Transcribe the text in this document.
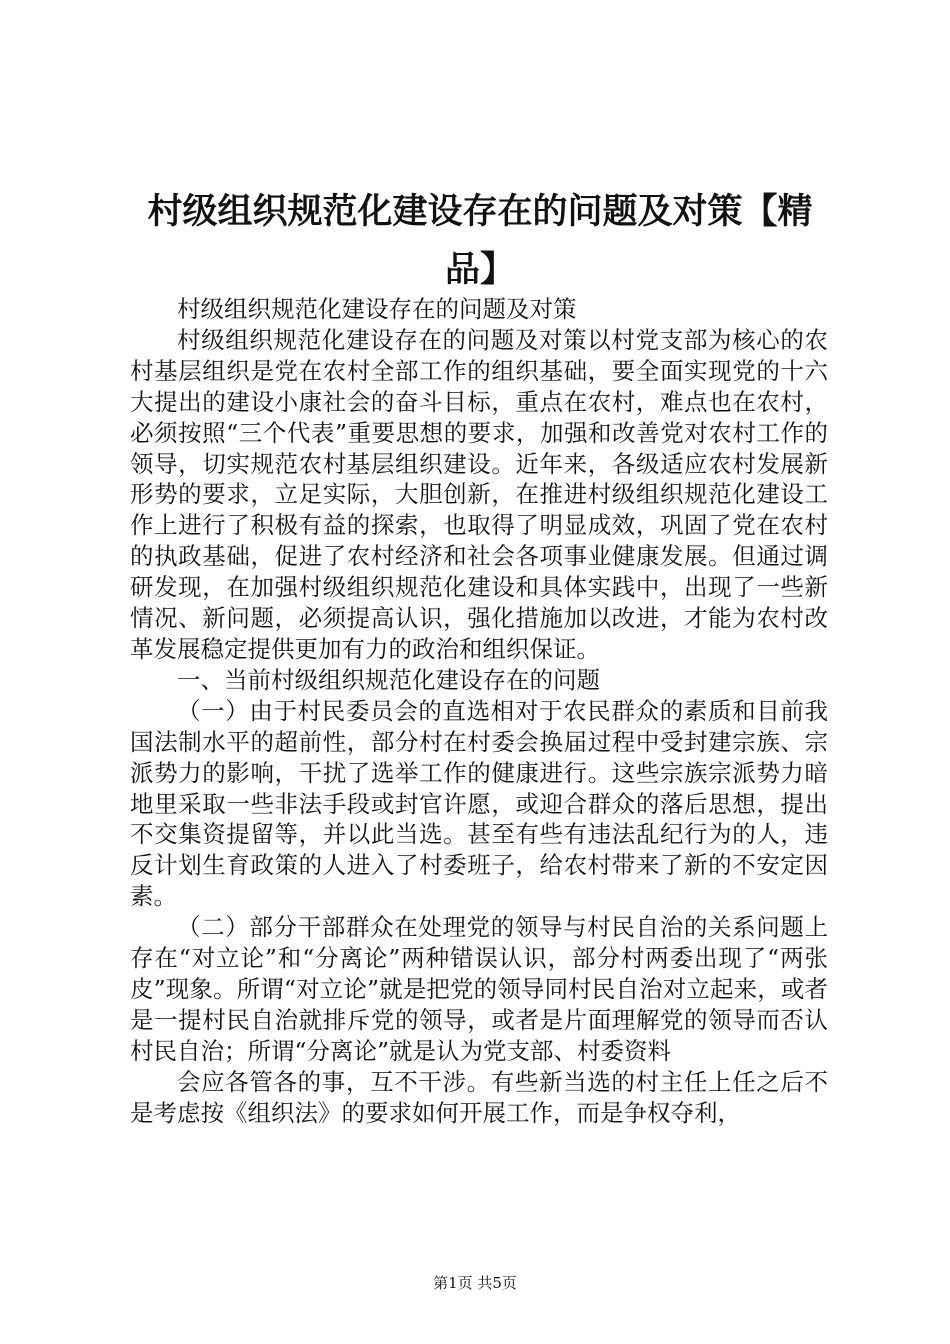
村级组织规范化建设存在的问题及对策【精品】

村级组织规范化建设存在的问题及对策

村级组织规范化建设存在的问题及对策以村党支部为核心的农村基层组织是党在农村全部工作的组织基础，要全面实现党的十六大提出的建设小康社会的奋斗目标，重点在农村，难点也在农村，必须按照“三个代表”重要思想的要求，加强和改善党对农村工作的领导，切实规范农村基层组织建设。近年来，各级适应农村发展新形势的要求，立足实际，大胆创新，在推进村级组织规范化建设工作上进行了积极有益的探索，也取得了明显成效，巩固了党在农村的执政基础，促进了农村经济和社会各项事业健康发展。但通过调研发现，在加强村级组织规范化建设和具体实践中，出现了一些新情况、新问题，必须提高认识，强化措施加以改进，才能为农村改革发展稳定提供更加有力的政治和组织保证。

一、当前村级组织规范化建设存在的问题

（一）由于村民委员会的直选相对于农民群众的素质和目前我国法制水平的超前性，部分村在村委会换届过程中受封建宗族、宗派势力的影响，干扰了选举工作的健康进行。这些宗族宗派势力暗地里采取一些非法手段或封官许愿，或迎合群众的落后思想，提出不交集资提留等，并以此当选。甚至有些有违法乱纪行为的人，违反计划生育政策的人进入了村委班子，给农村带来了新的不安定因素。

（二）部分干部群众在处理党的领导与村民自治的关系问题上存在“对立论”和“分离论”两种错误认识，部分村两委出现了“两张皮”现象。所谓“对立论”就是把党的领导同村民自治对立起来，或者是一提村民自治就排斥党的领导，或者是片面理解党的领导而否认村民自治；所谓“分离论”就是认为党支部、村委资料

会应各管各的事，互不干涉。有些新当选的村主任上任之后不是考虑按《组织法》的要求如何开展工作，而是争权夺利，

第1页 共5页
